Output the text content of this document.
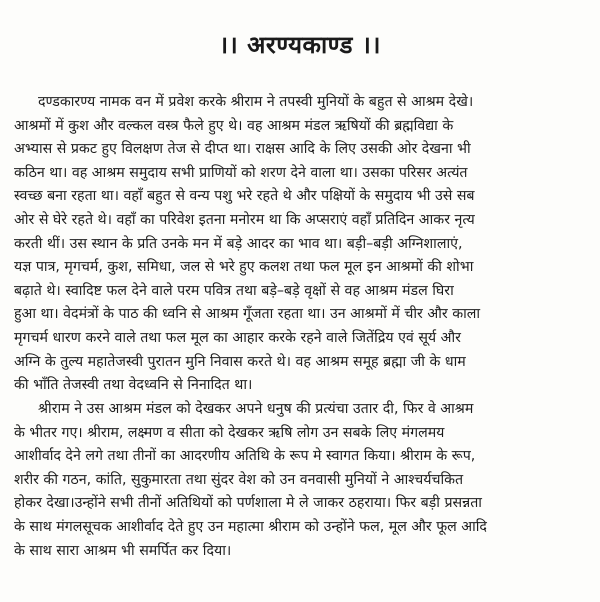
।। अरण्यकाण्ड ।।
दण्डकारण्य नामक वन में प्रवेश करके श्रीराम ने तपस्वी मुनियों के बहुत से आश्रम देखे।
आश्रमों में कुश और वल्कल वस्त्र फैले हुए थे। वह आश्रम मंडल ऋषियों की ब्रह्मविद्या के
अभ्यास से प्रकट हुए विलक्षण तेज से दीप्त था। राक्षस आदि के लिए उसकी ओर देखना भी
कठिन था। वह आश्रम समुदाय सभी प्राणियों को शरण देने वाला था। उसका परिसर अत्यंत
स्वच्छ बना रहता था। वहाँ बहुत से वन्य पशु भरे रहते थे और पक्षियों के समुदाय भी उसे सब
ओर से घेरे रहते थे। वहाँ का परिवेश इतना मनोरम था कि अप्सराएं वहाँ प्रतिदिन आकर नृत्य
करती थीं। उस स्थान के प्रति उनके मन में बड़े आदर का भाव था। बड़ी–बड़ी अग्निशालाएं,
यज्ञ पात्र, मृगचर्म, कुश, समिधा, जल से भरे हुए कलश तथा फल मूल इन आश्रमों की शोभा
बढ़ाते थे। स्वादिष्ट फल देने वाले परम पवित्र तथा बड़े–बड़े वृक्षों से वह आश्रम मंडल घिरा
हुआ था। वेदमंत्रों के पाठ की ध्वनि से आश्रम गूँजता रहता था। उन आश्रमों में चीर और काला
मृगचर्म धारण करने वाले तथा फल मूल का आहार करके रहने वाले जितेंद्रिय एवं सूर्य और
अग्नि के तुल्य महातेजस्वी पुरातन मुनि निवास करते थे। वह आश्रम समूह ब्रह्मा जी के धाम
की भाँति तेजस्वी तथा वेदध्वनि से निनादित था।
श्रीराम ने उस आश्रम मंडल को देखकर अपने धनुष की प्रत्यंचा उतार दी, फिर वे आश्रम
के भीतर गए। श्रीराम, लक्ष्मण व सीता को देखकर ऋषि लोग उन सबके लिए मंगलमय
आशीर्वाद देने लगे तथा तीनों का आदरणीय अतिथि के रूप मे स्वागत किया। श्रीराम के रूप,
शरीर की गठन, कांति, सुकुमारता तथा सुंदर वेश को उन वनवासी मुनियों ने आश्चर्यचकित
होकर देखा।उन्होंने सभी तीनों अतिथियों को पर्णशाला मे ले जाकर ठहराया। फिर बड़ी प्रसन्नता
के साथ मंगलसूचक आशीर्वाद देते हुए उन महात्मा श्रीराम को उन्होंने फल, मूल और फूल आदि
के साथ सारा आश्रम भी समर्पित कर दिया।
